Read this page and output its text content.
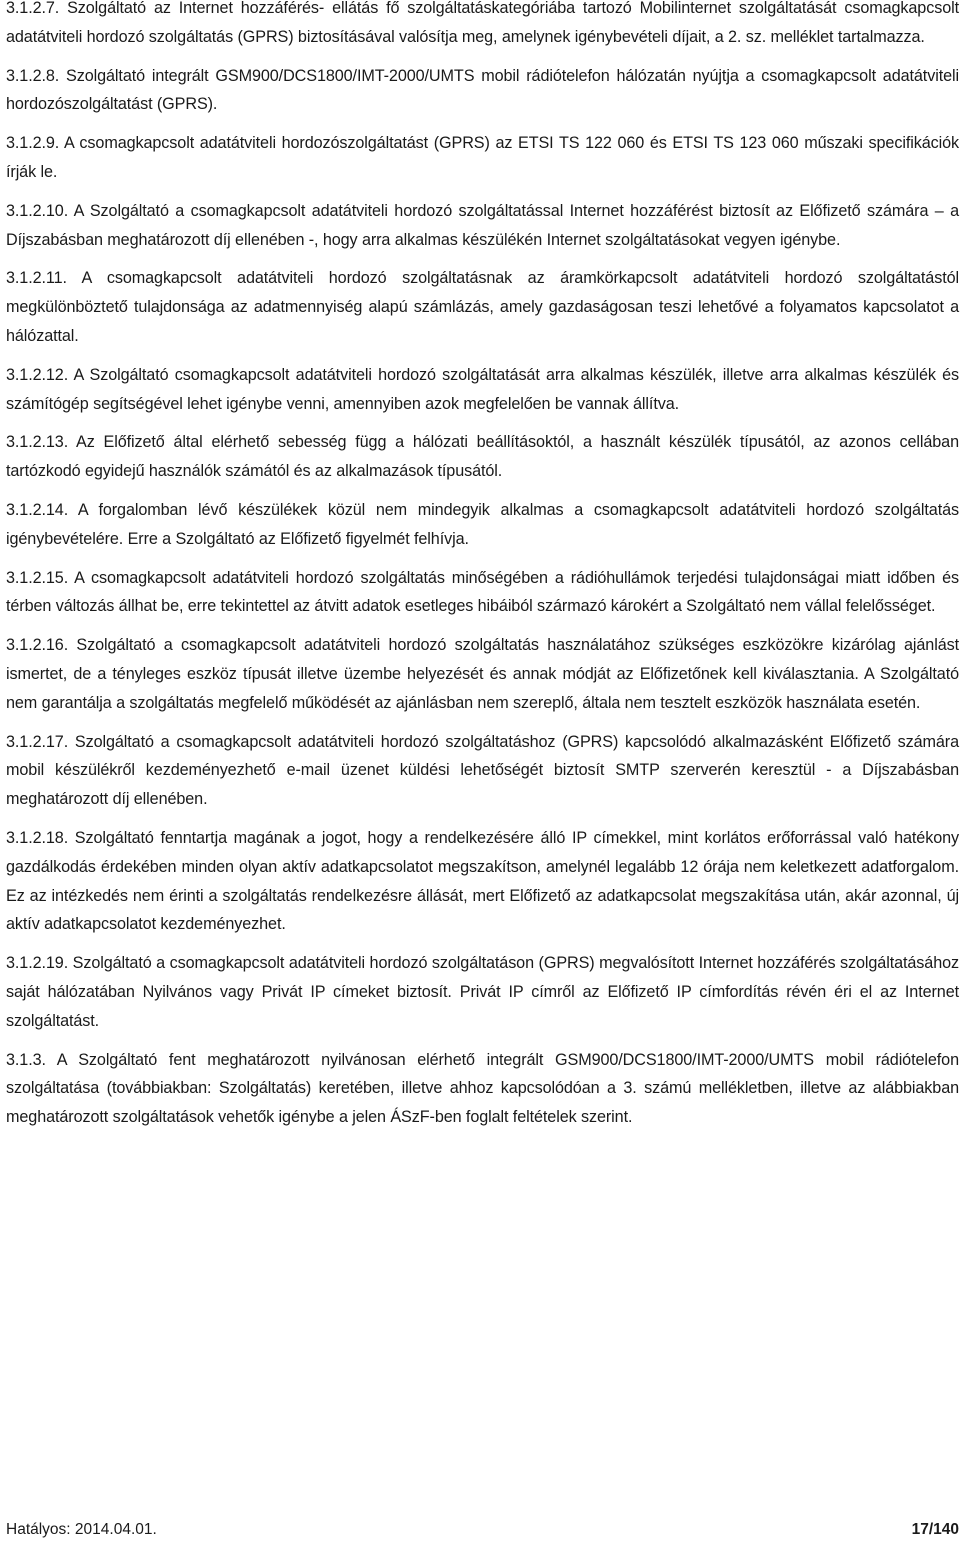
3.1.2.7. Szolgáltató az Internet hozzáférés- ellátás fő szolgáltatáskategóriába tartozó Mobilinternet szolgáltatását csomagkapcsolt adatátviteli hordozó szolgáltatás (GPRS) biztosításával valósítja meg, amelynek igénybevételi díjait, a 2. sz. melléklet tartalmazza.

3.1.2.8. Szolgáltató integrált GSM900/DCS1800/IMT-2000/UMTS mobil rádiótelefon hálózatán nyújtja a csomagkapcsolt adatátviteli hordozószolgáltatást (GPRS).

3.1.2.9. A csomagkapcsolt adatátviteli hordozószolgáltatást (GPRS) az ETSI TS 122 060 és ETSI TS 123 060 műszaki specifikációk írják le.

3.1.2.10. A Szolgáltató a csomagkapcsolt adatátviteli hordozó szolgáltatással Internet hozzáférést biztosít az Előfizető számára – a Díjszabásban meghatározott díj ellenében -, hogy arra alkalmas készülékén Internet szolgáltatásokat vegyen igénybe.

3.1.2.11. A csomagkapcsolt adatátviteli hordozó szolgáltatásnak az áramkörkapcsolt adatátviteli hordozó szolgáltatástól megkülönböztető tulajdonsága az adatmennyiség alapú számlázás, amely gazdaságosan teszi lehetővé a folyamatos kapcsolatot a hálózattal.

3.1.2.12. A Szolgáltató csomagkapcsolt adatátviteli hordozó szolgáltatását arra alkalmas készülék, illetve arra alkalmas készülék és számítógép segítségével lehet igénybe venni, amennyiben azok megfelelően be vannak állítva.

3.1.2.13. Az Előfizető által elérhető sebesség függ a hálózati beállításoktól, a használt készülék típusától, az azonos cellában tartózkodó egyidejű használók számától és az alkalmazások típusától.

3.1.2.14. A forgalomban lévő készülékek közül nem mindegyik alkalmas a csomagkapcsolt adatátviteli hordozó szolgáltatás igénybevételére. Erre a Szolgáltató az Előfizető figyelmét felhívja.

3.1.2.15. A csomagkapcsolt adatátviteli hordozó szolgáltatás minőségében a rádióhullámok terjedési tulajdonságai miatt időben és térben változás állhat be, erre tekintettel az átvitt adatok esetleges hibáiból származó károkért a Szolgáltató nem vállal felelősséget.

3.1.2.16. Szolgáltató a csomagkapcsolt adatátviteli hordozó szolgáltatás használatához szükséges eszközökre kizárólag ajánlást ismertet, de a tényleges eszköz típusát illetve üzembe helyezését és annak módját az Előfizetőnek kell kiválasztania. A Szolgáltató nem garantálja a szolgáltatás megfelelő működését az ajánlásban nem szereplő, általa nem tesztelt eszközök használata esetén.

3.1.2.17. Szolgáltató a csomagkapcsolt adatátviteli hordozó szolgáltatáshoz (GPRS) kapcsolódó alkalmazásként Előfizető számára mobil készülékről kezdeményezhető e-mail üzenet küldési lehetőségét biztosít SMTP szerverén keresztül - a Díjszabásban meghatározott díj ellenében.

3.1.2.18. Szolgáltató fenntartja magának a jogot, hogy a rendelkezésére álló IP címekkel, mint korlátos erőforrással való hatékony gazdálkodás érdekében minden olyan aktív adatkapcsolatot megszakítson, amelynél legalább 12 órája nem keletkezett adatforgalom. Ez az intézkedés nem érinti a szolgáltatás rendelkezésre állását, mert Előfizető az adatkapcsolat megszakítása után, akár azonnal, új aktív adatkapcsolatot kezdeményezhet.

3.1.2.19. Szolgáltató a csomagkapcsolt adatátviteli hordozó szolgáltatáson (GPRS) megvalósított Internet hozzáférés szolgáltatásához saját hálózatában Nyilvános vagy Privát IP címeket biztosít. Privát IP címről az Előfizető IP címfordítás révén éri el az Internet szolgáltatást.

3.1.3. A Szolgáltató fent meghatározott nyilvánosan elérhető integrált GSM900/DCS1800/IMT-2000/UMTS mobil rádiótelefon szolgáltatása (továbbiakban: Szolgáltatás) keretében, illetve ahhoz kapcsolódóan a 3. számú mellékletben, illetve az alábbiakban meghatározott szolgáltatások vehetők igénybe a jelen ÁSzF-ben foglalt feltételek szerint.

Hatályos: 2014.04.01.	17/140
